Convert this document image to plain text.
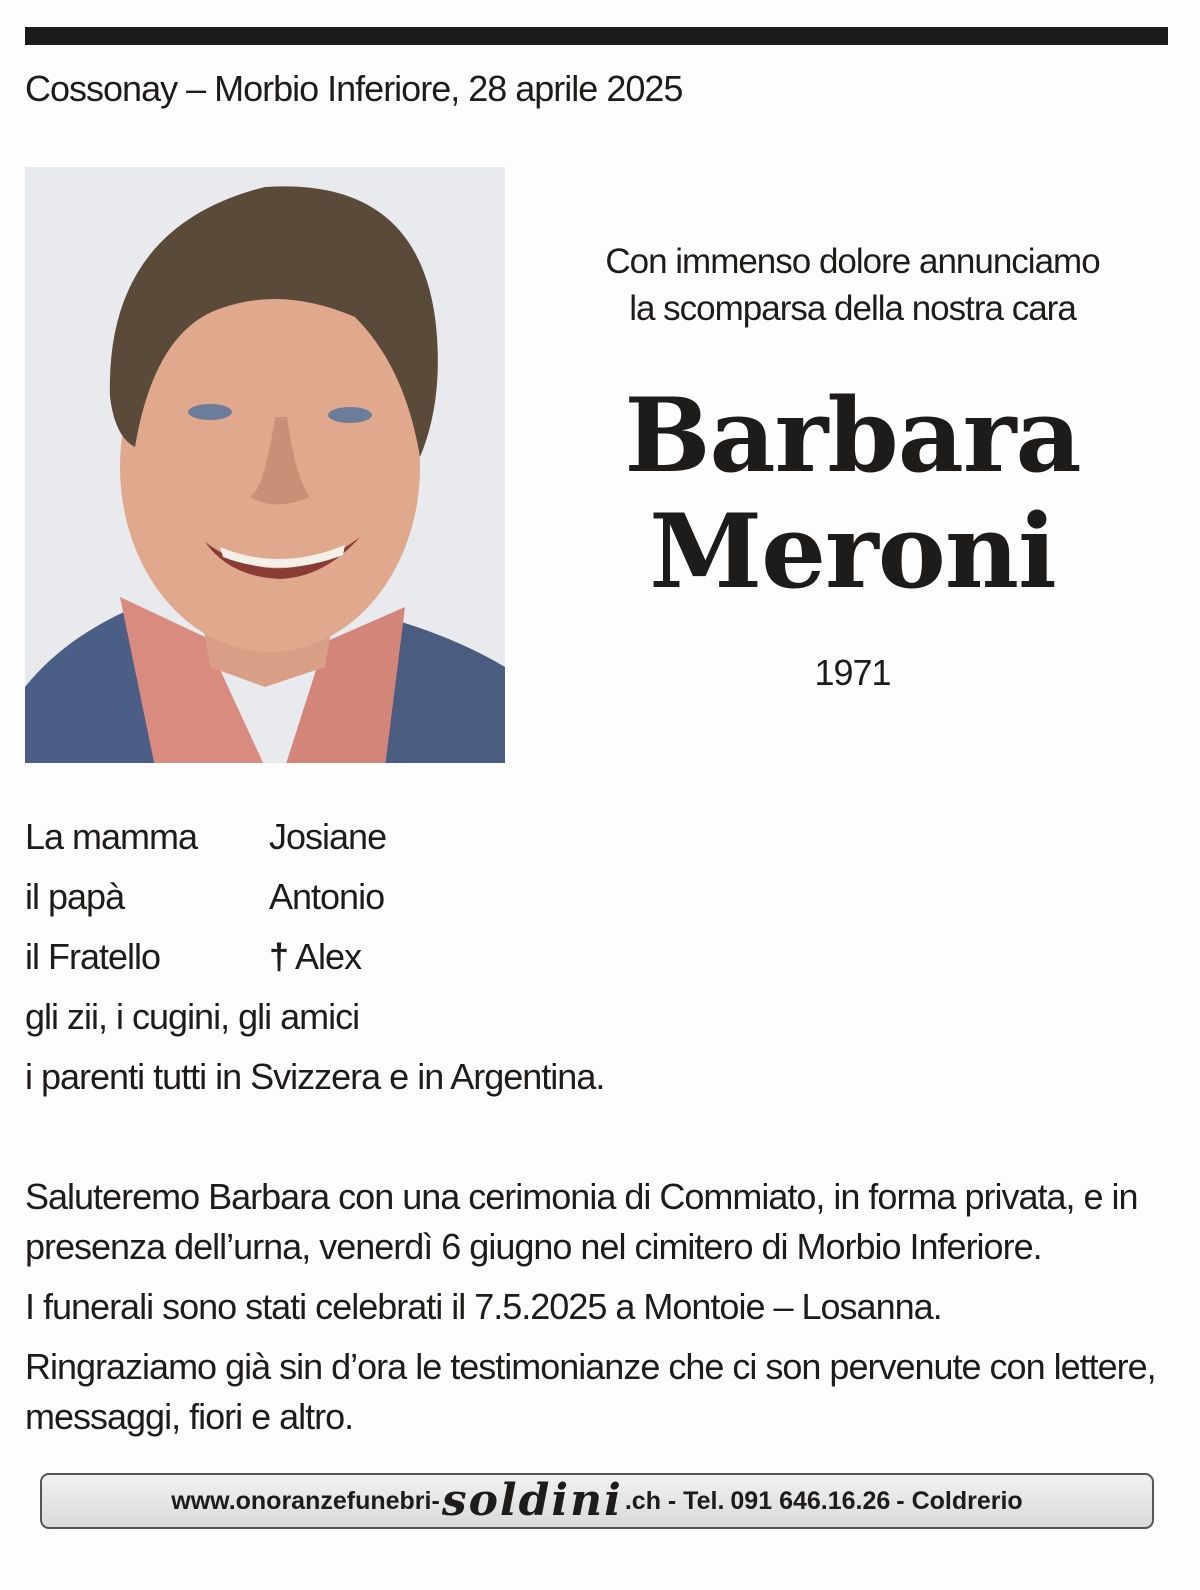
Cossonay – Morbio Inferiore, 28 aprile 2025
Con immenso dolore annunciamo
la scomparsa della nostra cara
Barbara
Meroni
1971
La mamma Josiane
il papà	Antonio
il Fratello	† Alex
gli zii, i cugini, gli amici
i parenti tutti in Svizzera e in Argentina.

Saluteremo Barbara con una cerimonia di Commiato, in forma privata, e in presenza dell’urna, venerdì 6 giugno nel cimitero di Morbio Inferiore.

I funerali sono stati celebrati il 7.5.2025 a Montoie – Losanna.

Ringraziamo già sin d’ora le testimonianze che ci son pervenute con lettere, messaggi, fiori e altro.

www.onoranzefunebri- soldini .ch - Tel. 091 646.16.26 - Coldrerio
